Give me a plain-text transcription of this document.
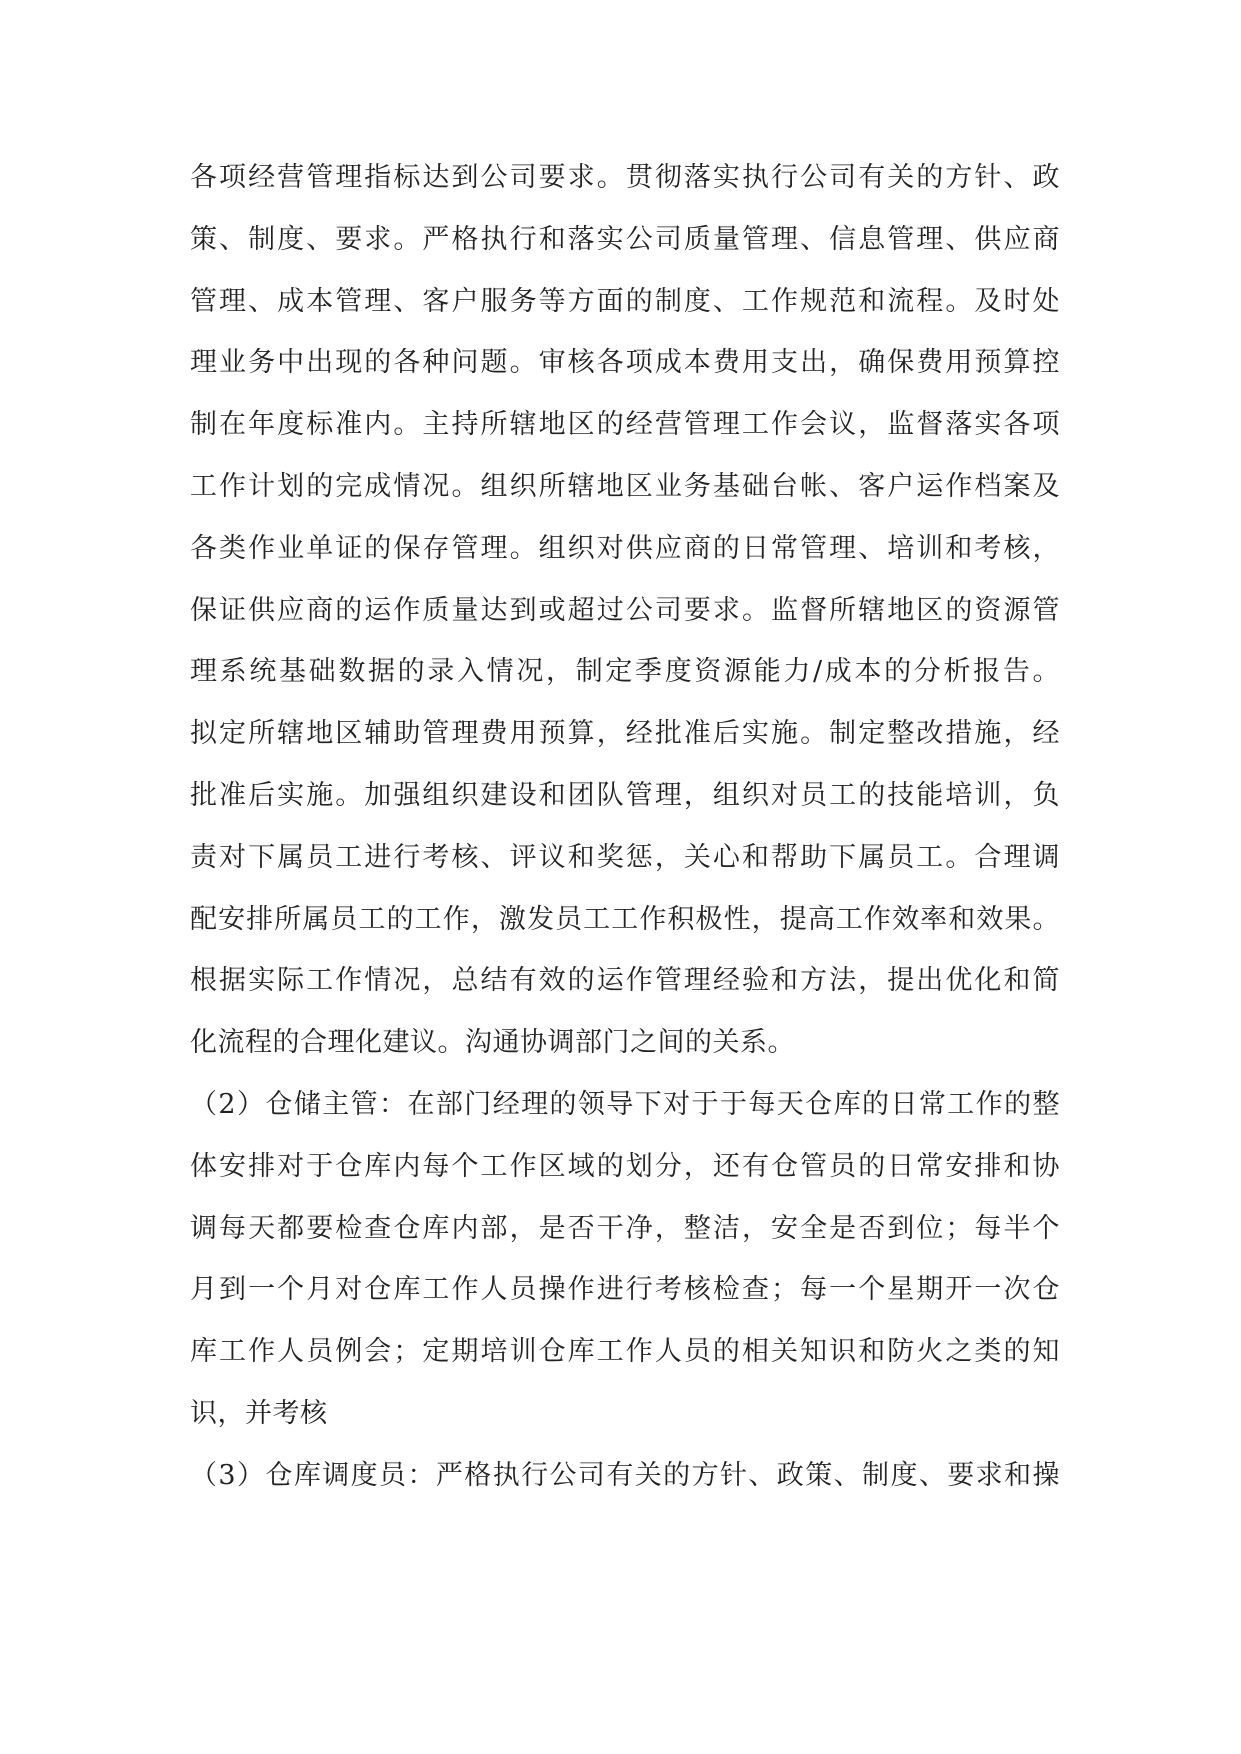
各项经营管理指标达到公司要求。贯彻落实执行公司有关的方针、政
策、制度、要求。严格执行和落实公司质量管理、信息管理、供应商
管理、成本管理、客户服务等方面的制度、工作规范和流程。及时处
理业务中出现的各种问题。审核各项成本费用支出，确保费用预算控
制在年度标准内。主持所辖地区的经营管理工作会议，监督落实各项
工作计划的完成情况。组织所辖地区业务基础台帐、客户运作档案及
各类作业单证的保存管理。组织对供应商的日常管理、培训和考核，
保证供应商的运作质量达到或超过公司要求。监督所辖地区的资源管
理系统基础数据的录入情况，制定季度资源能力/成本的分析报告。
拟定所辖地区辅助管理费用预算，经批准后实施。制定整改措施，经
批准后实施。加强组织建设和团队管理，组织对员工的技能培训，负
责对下属员工进行考核、评议和奖惩，关心和帮助下属员工。合理调
配安排所属员工的工作，激发员工工作积极性，提高工作效率和效果。
根据实际工作情况，总结有效的运作管理经验和方法，提出优化和简
化流程的合理化建议。沟通协调部门之间的关系。
（2）仓储主管：在部门经理的领导下对于于每天仓库的日常工作的整
体安排对于仓库内每个工作区域的划分，还有仓管员的日常安排和协
调每天都要检查仓库内部，是否干净，整洁，安全是否到位；每半个
月到一个月对仓库工作人员操作进行考核检查；每一个星期开一次仓
库工作人员例会；定期培训仓库工作人员的相关知识和防火之类的知
识，并考核
（3）仓库调度员：严格执行公司有关的方针、政策、制度、要求和操
